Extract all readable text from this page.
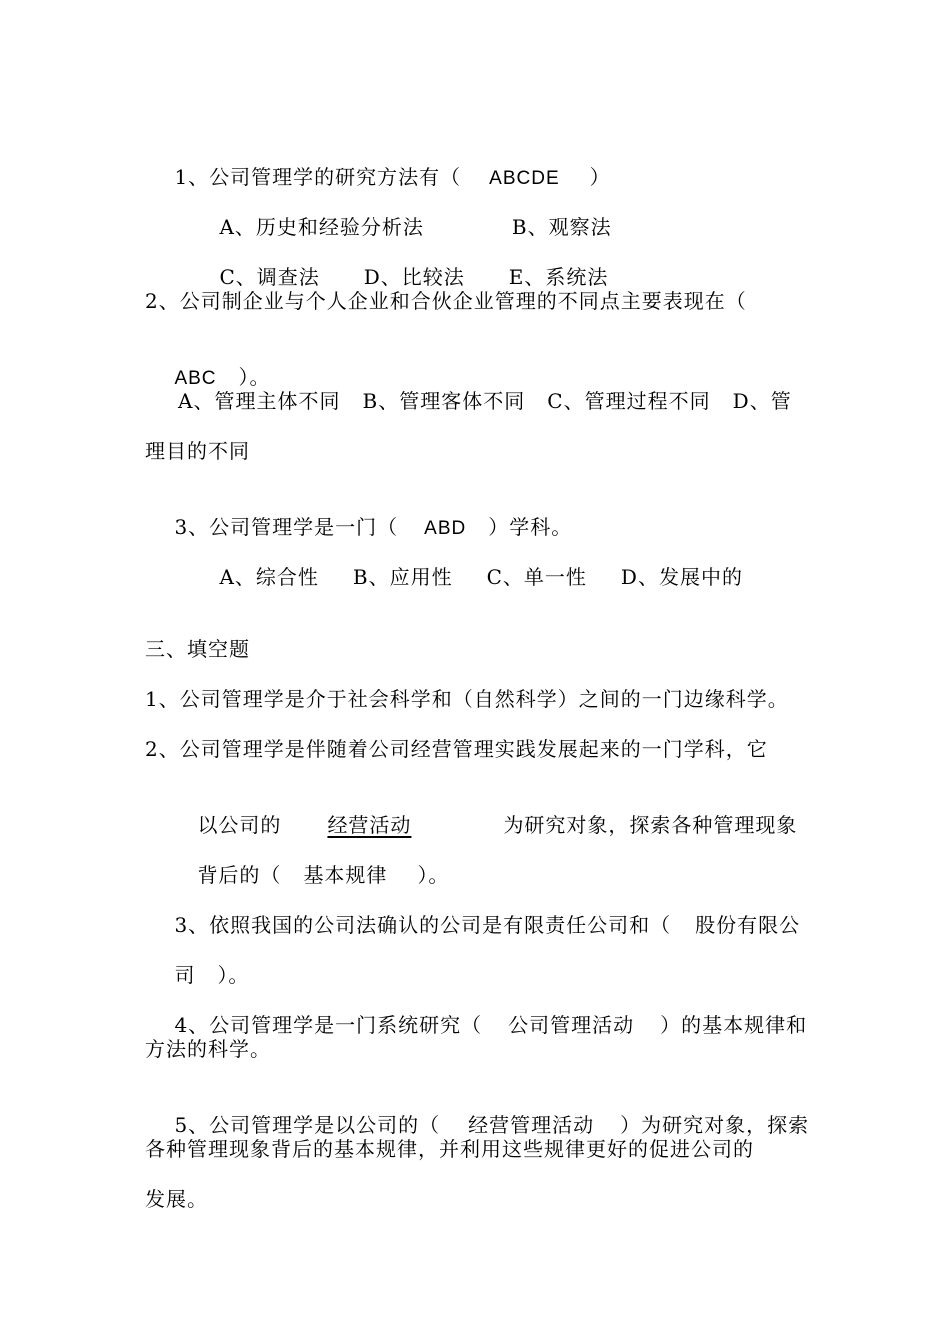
1、公司管理学的研究方法有（ ABCDE ）

A、历史和经验分析法	B、观察法

C、调查法 D、比较法 E、系统法

2、公司制企业与个人企业和合伙企业管理的不同点主要表现在（

ABC ）。

A、管理主体不同   B、管理客体不同   C、管理过程不同   D、管
理目的不同

3、公司管理学是一门（ ABD ）学科。

A、综合性 B、应用性 C、单一性 D、发展中的

三、填空题
1、公司管理学是介于社会科学和（自然科学）之间的一门边缘科学。
2、公司管理学是伴随着公司经营管理实践发展起来的一门学科，它

以公司的 经营活动	为研究对象，探索各种管理现象

背后的（ 基本规律 ）。

3、依照我国的公司法确认的公司是有限责任公司和（ 股份有限公

司 ）。

4、公司管理学是一门系统研究（ 公司管理活动 ）的基本规律和

方法的科学。

5、公司管理学是以公司的（ 经营管理活动 ）为研究对象，探索

各种管理现象背后的基本规律，并利用这些规律更好的促进公司的
发展。
